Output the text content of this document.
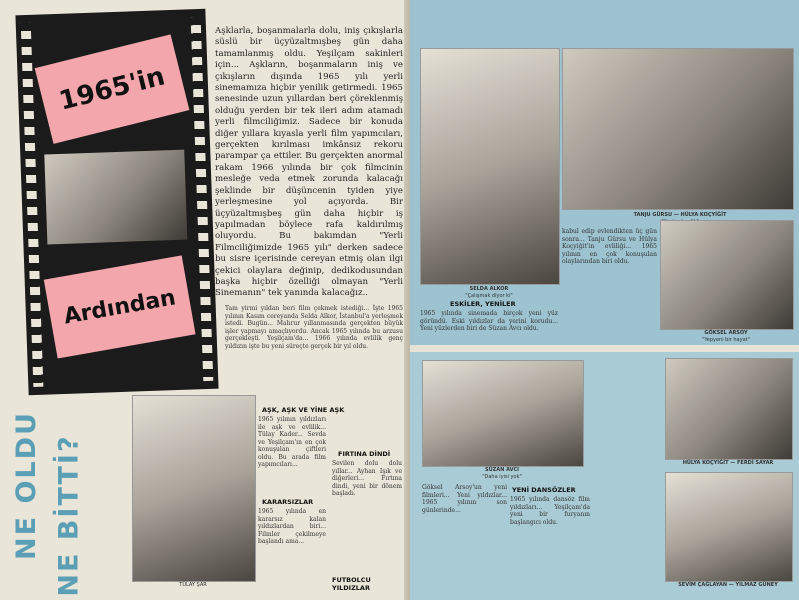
1965'in
Ardından
Aşklarla, boşanmalarla dolu, iniş çıkışlarla süslü bir üçyüzaltmışbeş gün daha tamamlanmış oldu. Yeşilçam sakinleri için... Aşkların, boşanmaların iniş ve çıkışların dışında 1965 yılı yerli sinemamıza hiçbir yenilik getirmedi. 1965 senesinde uzun yıllardan beri çöreklenmiş olduğu yerden bir tek ileri adım atamadı yerli filmciliğimiz. Sadece bir konuda diğer yıllara kıyasla yerli film yapımcıları, gerçekten kırılması imkânsız rekoru parampar ça ettiler. Bu gerçekten anormal rakam 1966 yılında bir çok filmcinin mesleğe veda etmek zorunda kalacağı şeklinde bir düşüncenin tyiden yiye yerleşmesine yol açıyorda. Bir üçyüzaltmışbeş gün daha hiçbir iş yapılmadan böylece rafa kaldırılmış oluyordu. Bu bakımdan "Yerli Filmciliğimizde 1965 yılı" derken sadece bu sisre içerisinde cereyan etmiş olan ilgi çekici olaylara değinip, dedikodusundan başka hiçbir özelliği olmayan "Yerli Sinemanın" tek yanında kalacağız..
Tam yirmi yıldan beri film çekmek istediği... İşte 1965 yılının Kasım cereyanda Selda Alkor, İstanbul'a yerleşmek istedi. Bugün... Mahrur yıllanmasında gerçekten büyük işler yapmayı amaçlıyordu. Ancak 1965 yılında bu arzusu gerçekleşti. Yeşilçam'da... 1966 yılında evlilik genç yıldızın işte bu yeni süreçte gerçek bir yıl oldu.
NE OLDU NE BİTTİ?	TÜLAY ŞAR
AŞK, AŞK VE YİNE AŞK
1965 yılının yıldızları ile aşk ve evlilik... Tülay Kader... Sevda ve Yeşilçam'ın en çok konuşulan çiftleri oldu. Bu arada film yapımcıları...
KARARSIZLAR
1965 yılında en kararsız kalan yıldızlardan biri... Filmler çekilmeye başlandı ama...
FIRTINA DİNDİ
Sevilen dolu dolu yıllar... Ayhan Işık ve diğerleri... Fırtına dindi, yeni bir dönem başladı.
FUTBOLCU YILDIZLAR
SELDA ALKOR
"Çalışmak diyor ki"
TANJU GÜRSU — HÜLYA KOÇYİĞİT
kabul edip evlendikten üç gün sonra... Tanju Gürsu ve Hülya Koçyiğit'in evliliği... 1965 yılının en çok konuşulan olaylarından biri oldu.
GÖKSEL ARSOY
"Yepyeni bir hayat"
ESKİLER, YENİLER
1965 yılında sinemada birçok yeni yüz göründü. Eski yıldızlar da yerini korudu... Yeni yüzlerden biri de Süzan Avcı oldu.
SÜZAN AVCI
"Daha iyisi yok"
Göksel Arsoy'un yeni filmleri... Yeni yıldızlar... 1965 yılının son günlerinde...
YENİ DANSÖZLER
1965 yılında dansöz film yıldızları... Yeşilçam'da yeni bir furyanın başlangıcı oldu.
HÜLYA KOÇYİĞİT — FERDİ SAYAR
SEVİM ÇAĞLAYAN — YILMAZ GÜNEY
